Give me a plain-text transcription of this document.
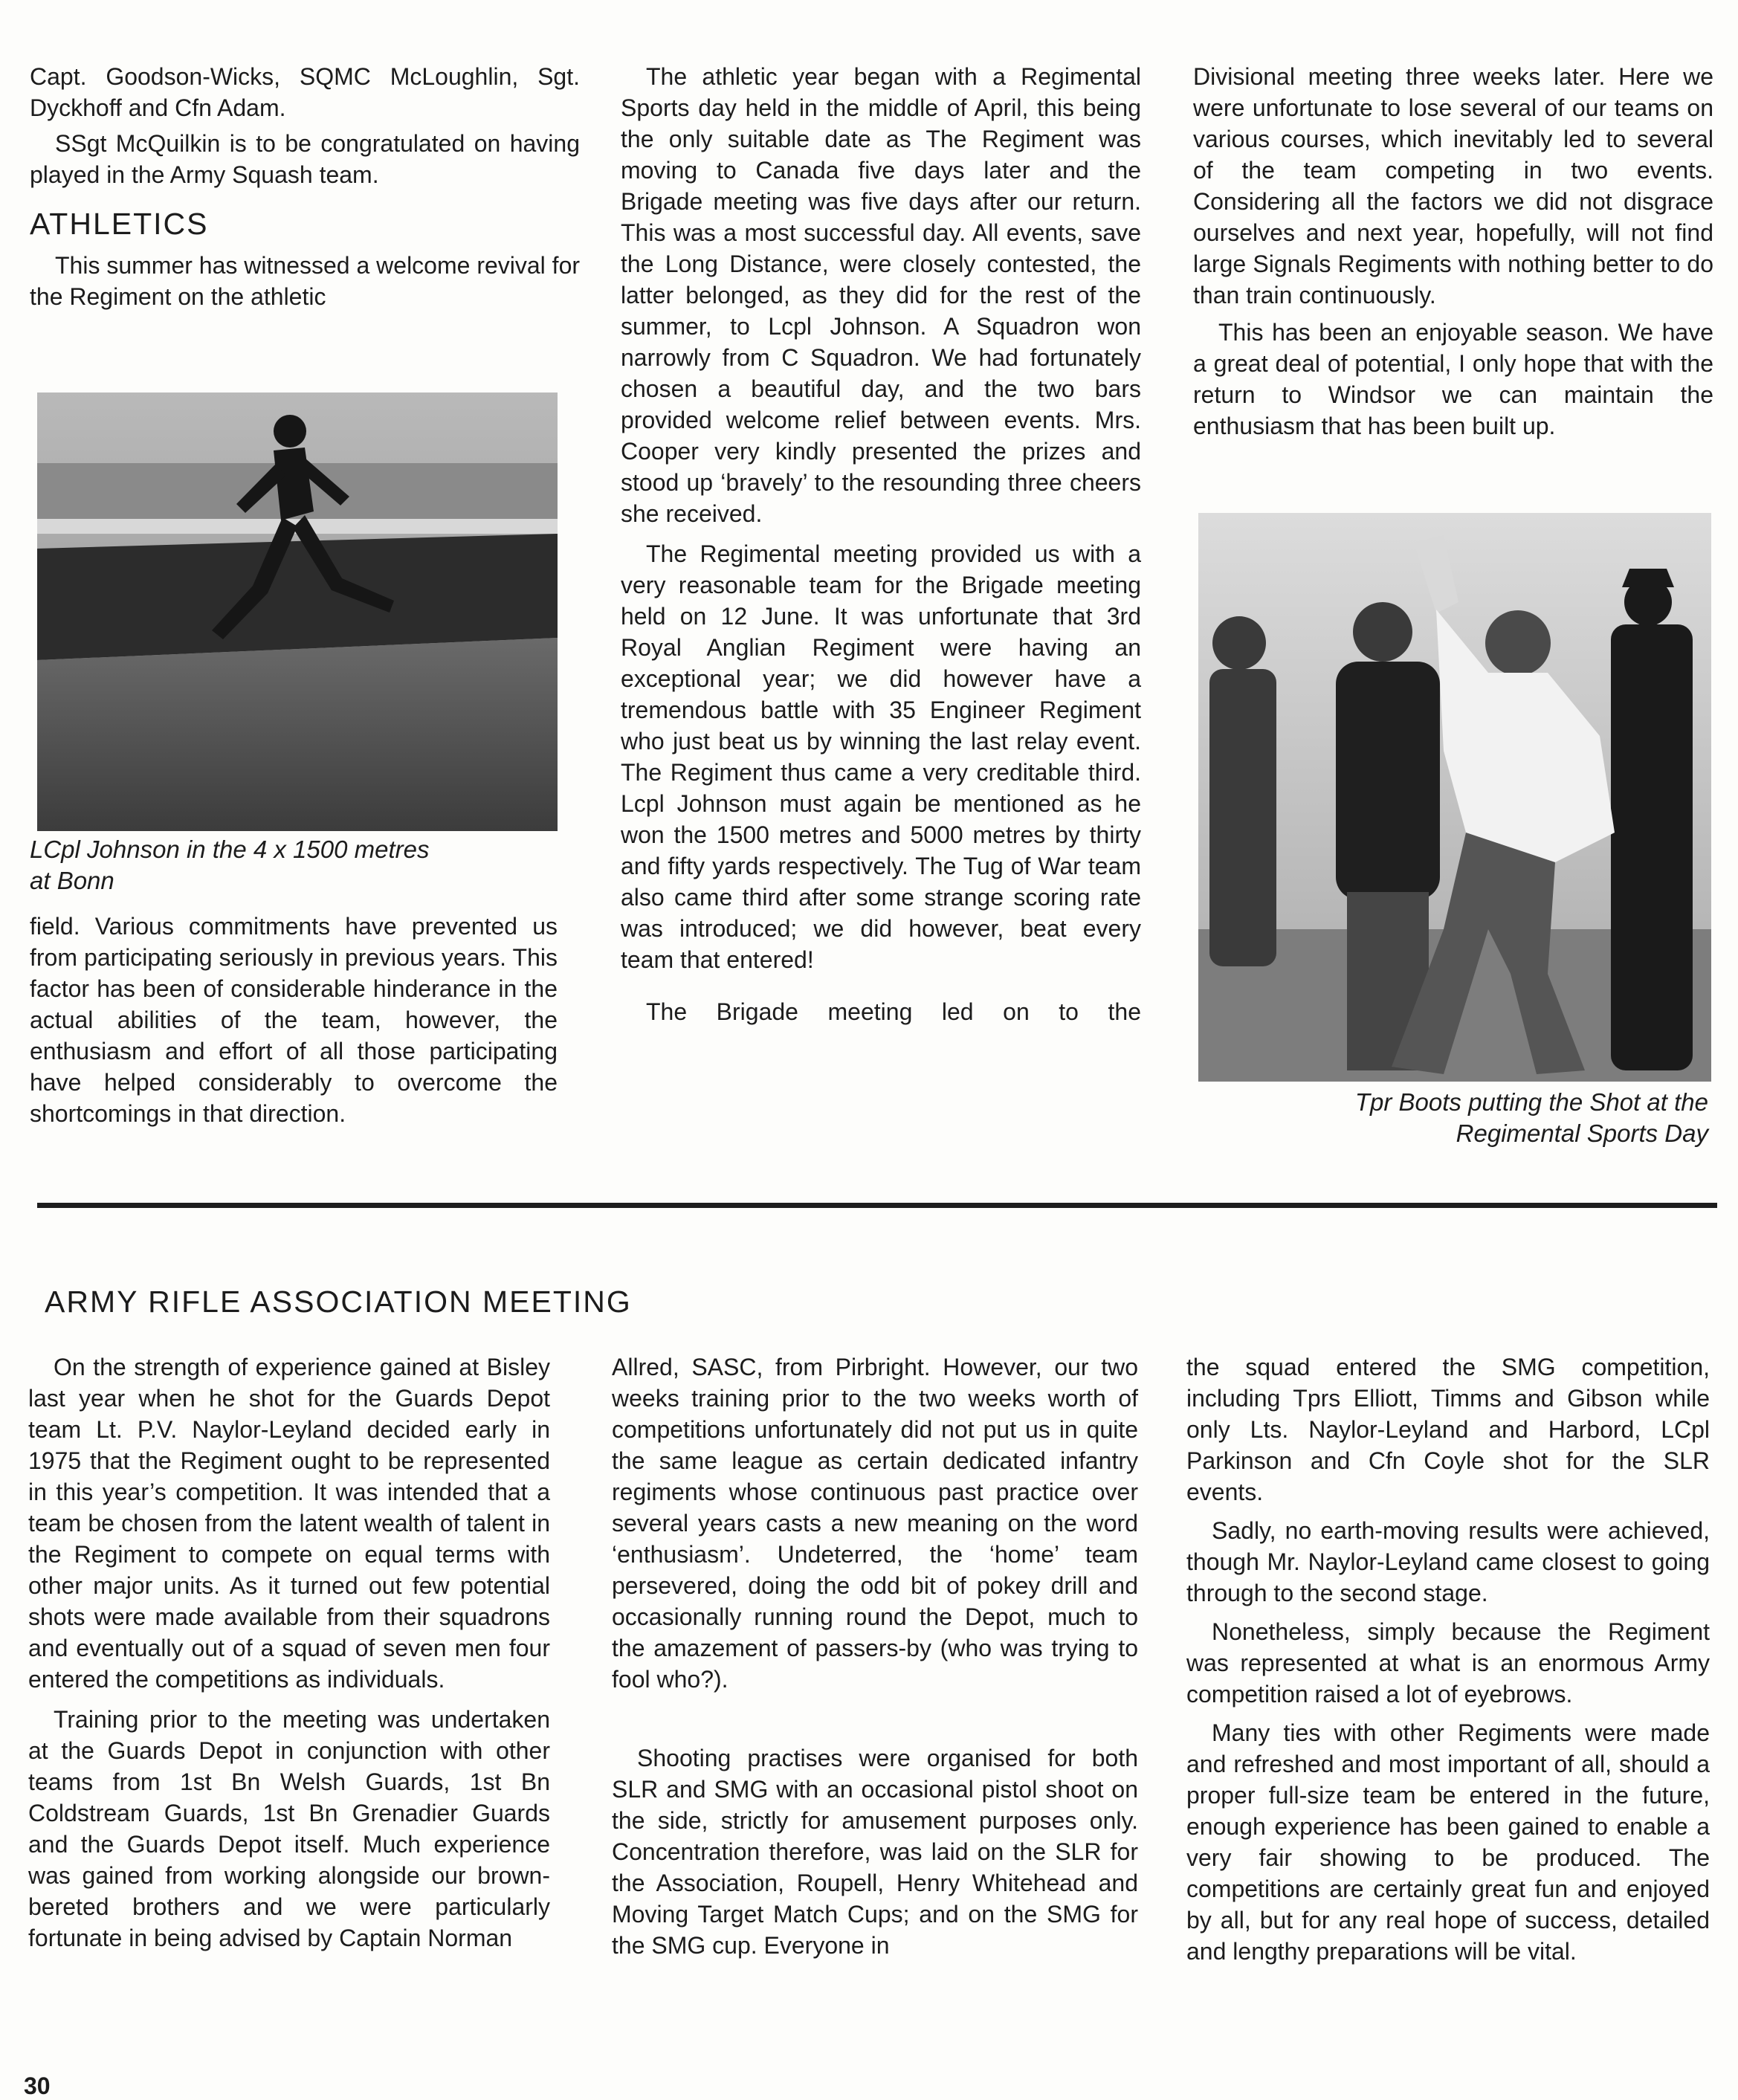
Capt. Goodson-Wicks, SQMC McLoughlin, Sgt. Dyckhoff and Cfn Adam.

SSgt McQuilkin is to be congratulated on having played in the Army Squash team.

ATHLETICS

This summer has witnessed a welcome revival for the Regiment on the athletic

LCpl Johnson in the 4 x 1500 metres
at Bonn

field. Various commitments have prevented us from participating seriously in previous years. This factor has been of considerable hinderance in the actual abilities of the team, however, the enthusiasm and effort of all those participating have helped considerably to overcome the shortcomings in that direction.

The athletic year began with a Regimental Sports day held in the middle of April, this being the only suitable date as The Regiment was moving to Canada five days later and the Brigade meeting was five days after our return. This was a most successful day. All events, save the Long Distance, were closely contested, the latter belonged, as they did for the rest of the summer, to Lcpl Johnson. A Squadron won narrowly from C Squadron. We had fortunately chosen a beautiful day, and the two bars provided welcome relief between events. Mrs. Cooper very kindly presented the prizes and stood up ‘bravely’ to the resounding three cheers she received.

The Regimental meeting provided us with a very reasonable team for the Brigade meeting held on 12 June. It was unfortunate that 3rd Royal Anglian Regiment were having an exceptional year; we did however have a tremendous battle with 35 Engineer Regiment who just beat us by winning the last relay event. The Regiment thus came a very creditable third. Lcpl Johnson must again be mentioned as he won the 1500 metres and 5000 metres by thirty and fifty yards respectively. The Tug of War team also came third after some strange scoring rate was introduced; we did however, beat every team that entered!

The Brigade meeting led on to the

Divisional meeting three weeks later. Here we were unfortunate to lose several of our teams on various courses, which inevitably led to several of the team competing in two events. Considering all the factors we did not disgrace ourselves and next year, hopefully, will not find large Signals Regiments with nothing better to do than train continuously.

This has been an enjoyable season. We have a great deal of potential, I only hope that with the return to Windsor we can maintain the enthusiasm that has been built up.

Tpr Boots putting the Shot at the
Regimental Sports Day
ARMY RIFLE ASSOCIATION MEETING

On the strength of experience gained at Bisley last year when he shot for the Guards Depot team Lt. P.V. Naylor-Leyland decided early in 1975 that the Regiment ought to be represented in this year’s competition. It was intended that a team be chosen from the latent wealth of talent in the Regiment to compete on equal terms with other major units. As it turned out few potential shots were made available from their squadrons and eventually out of a squad of seven men four entered the competitions as individuals.

Training prior to the meeting was undertaken at the Guards Depot in conjunction with other teams from 1st Bn Welsh Guards, 1st Bn Coldstream Guards, 1st Bn Grenadier Guards and the Guards Depot itself. Much experience was gained from working alongside our brown-bereted brothers and we were particularly fortunate in being advised by Captain Norman

Allred, SASC, from Pirbright. However, our two weeks training prior to the two weeks worth of competitions unfortunately did not put us in quite the same league as certain dedicated infantry regiments whose continuous past practice over several years casts a new meaning on the word ‘enthusiasm’. Undeterred, the ‘home’ team persevered, doing the odd bit of pokey drill and occasionally running round the Depot, much to the amazement of passers-by (who was trying to fool who?).

Shooting practises were organised for both SLR and SMG with an occasional pistol shoot on the side, strictly for amusement purposes only. Concentration therefore, was laid on the SLR for the Association, Roupell, Henry Whitehead and Moving Target Match Cups; and on the SMG for the SMG cup. Everyone in

the squad entered the SMG competition, including Tprs Elliott, Timms and Gibson while only Lts. Naylor-Leyland and Harbord, LCpl Parkinson and Cfn Coyle shot for the SLR events.

Sadly, no earth-moving results were achieved, though Mr. Naylor-Leyland came closest to going through to the second stage.

Nonetheless, simply because the Regiment was represented at what is an enormous Army competition raised a lot of eyebrows.

Many ties with other Regiments were made and refreshed and most important of all, should a proper full-size team be entered in the future, enough experience has been gained to enable a very fair showing to be produced. The competitions are certainly great fun and enjoyed by all, but for any real hope of success, detailed and lengthy preparations will be vital.

30
